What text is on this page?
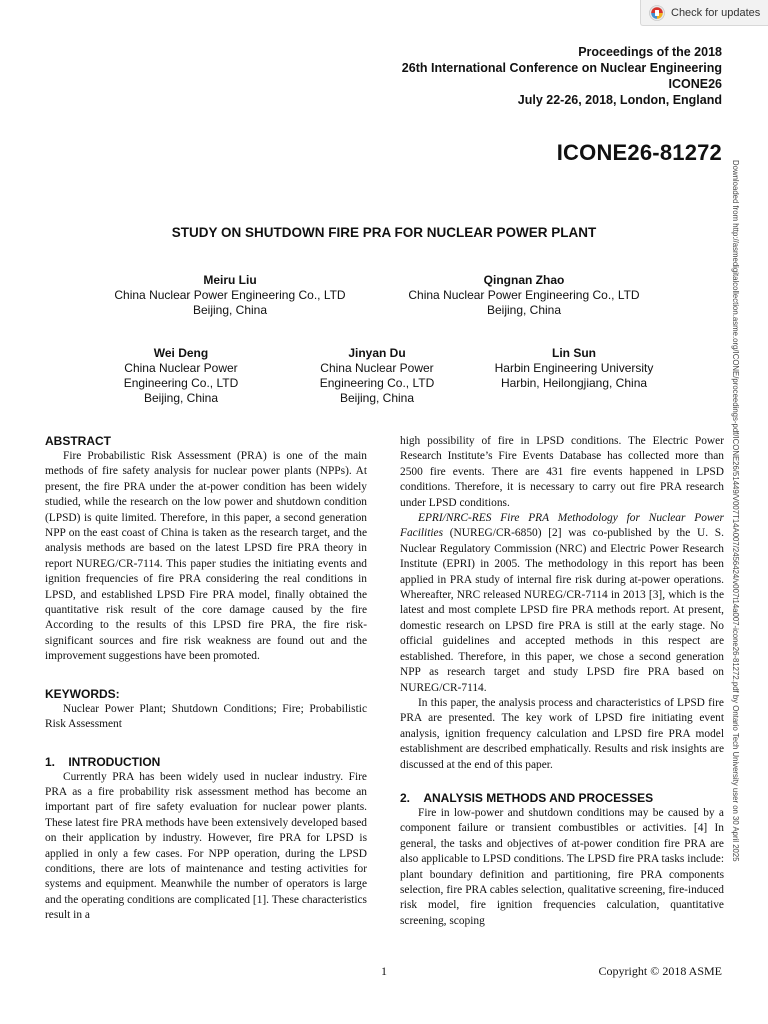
Check for updates
Proceedings of the 2018
26th International Conference on Nuclear Engineering
ICONE26
July 22-26, 2018, London, England
ICONE26-81272
STUDY ON SHUTDOWN FIRE PRA FOR NUCLEAR POWER PLANT
Meiru Liu
China Nuclear Power Engineering Co., LTD
Beijing, China
Qingnan Zhao
China Nuclear Power Engineering Co., LTD
Beijing, China
Wei Deng
China Nuclear Power
Engineering Co., LTD
Beijing, China
Jinyan Du
China Nuclear Power
Engineering Co., LTD
Beijing, China
Lin Sun
Harbin Engineering University
Harbin, Heilongjiang, China	Downloaded from http://asmedigitalcollection.asme.org/ICONE/proceedings-pdf/ICONE26/51449/V007T14A007/2456424/v007t14a007-icone26-81272.pdf by Ontario Tech University user on 30 April 2025
ABSTRACT

Fire Probabilistic Risk Assessment (PRA) is one of the main methods of fire safety analysis for nuclear power plants (NPPs). At present, the fire PRA under the at-power condition has been widely studied, while the research on the low power and shutdown condition (LPSD) is quite limited. Therefore, in this paper, a second generation NPP on the east coast of China is taken as the research target, and the analysis methods are based on the latest LPSD fire PRA theory in report NUREG/CR-7114. This paper studies the initiating events and ignition frequencies of fire PRA considering the real conditions in LPSD, and established LPSD Fire PRA model, finally obtained the quantitative risk result of the core damage caused by the fire According to the results of this LPSD fire PRA, the fire risk-significant sources and fire risk weakness are found out and the improvement suggestions have been promoted.

KEYWORDS:

Nuclear Power Plant; Shutdown Conditions; Fire; Probabilistic Risk Assessment

1.    INTRODUCTION

Currently PRA has been widely used in nuclear industry. Fire PRA as a fire probability risk assessment method has become an important part of fire safety evaluation for nuclear power plants. These latest fire PRA methods have been extensively developed based on their application by industry. However, fire PRA for LPSD is applied in only a few cases. For NPP operation, during the LPSD conditions, there are lots of maintenance and testing activities for systems and equipment. Meanwhile the number of operators is large and the operating conditions are complicated [1]. These characteristics result in a

high possibility of fire in LPSD conditions. The Electric Power Research Institute’s Fire Events Database has collected more than 2500 fire events. There are 431 fire events happened in LPSD conditions. Therefore, it is necessary to carry out fire PRA research under LPSD conditions.

EPRI/NRC-RES Fire PRA Methodology for Nuclear Power Facilities (NUREG/CR-6850) [2] was co-published by the U. S. Nuclear Regulatory Commission (NRC) and Electric Power Research Institute (EPRI) in 2005. The methodology in this report has been applied in PRA study of internal fire risk during at-power operations. Whereafter, NRC released NUREG/CR-7114 in 2013 [3], which is the latest and most complete LPSD fire PRA methods report. At present, domestic research on LPSD fire PRA is still at the early stage. No official guidelines and accepted methods in this respect are established. Therefore, in this paper, we chose a second generation NPP as research target and study LPSD fire PRA based on NUREG/CR-7114.

In this paper, the analysis process and characteristics of LPSD fire PRA are presented. The key work of LPSD fire initiating event analysis, ignition frequency calculation and LPSD fire PRA model establishment are described emphatically. Results and risk insights are discussed at the end of this paper.

2.    ANALYSIS METHODS AND PROCESSES

Fire in low-power and shutdown conditions may be caused by a component failure or transient combustibles or activities. [4] In general, the tasks and objectives of at-power condition fire PRA are also applicable to LPSD conditions. The LPSD fire PRA tasks include: plant boundary definition and partitioning, fire PRA components selection, fire PRA cables selection, qualitative screening, fire-induced risk model, fire ignition frequencies calculation, quantitative screening, scoping

1	Copyright © 2018 ASME
